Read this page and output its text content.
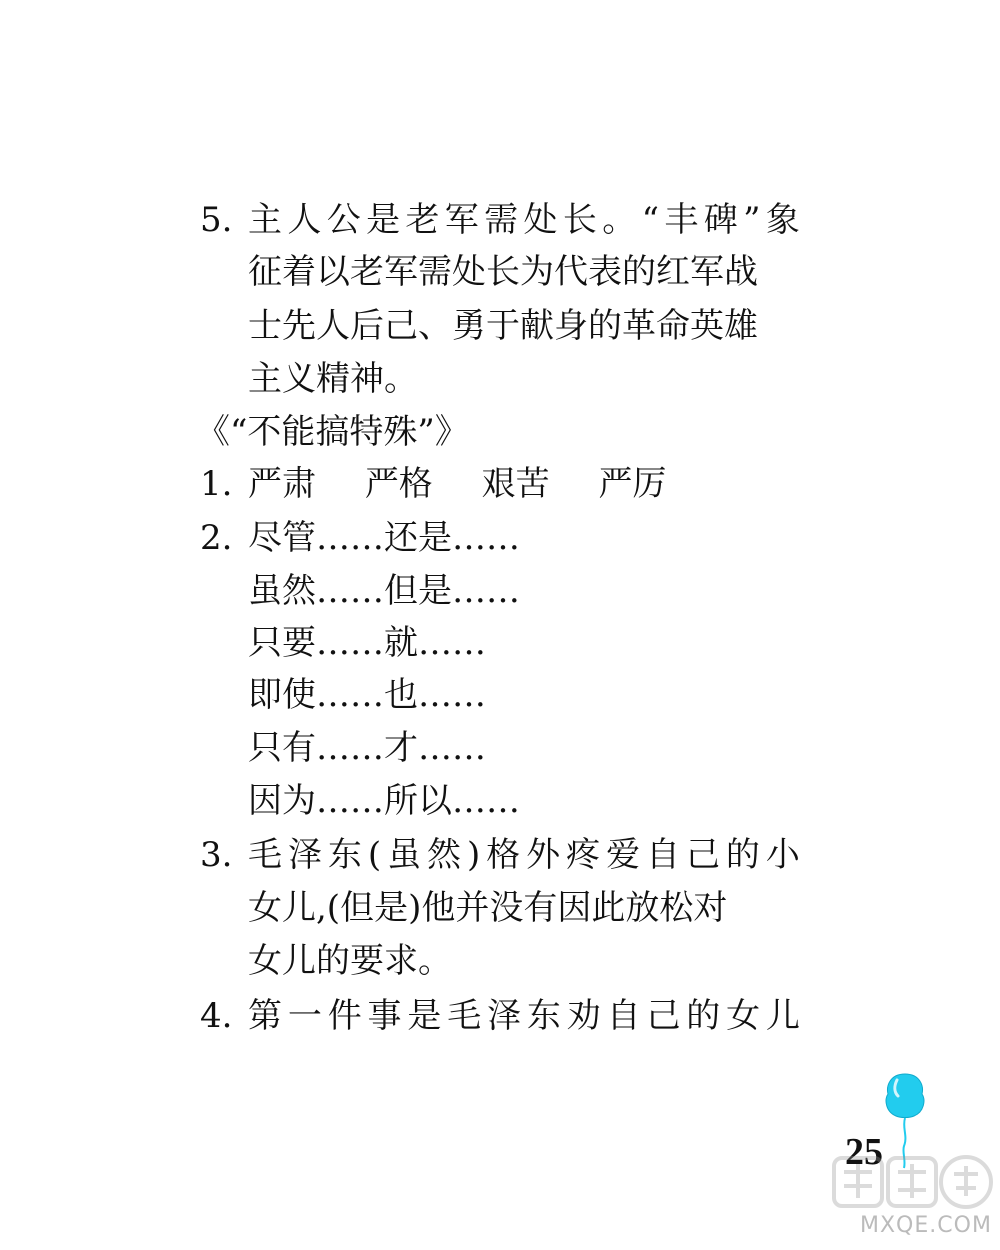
5. 主 人 公 是 老 军 需 处 长 。 “ 丰 碑 ” 象
征着以老军需处长为代表的红军战
士先人后己、勇于献身的革命英雄
主义精神。
《“不能搞特殊”》
1. 严肃 严格 艰苦 严厉
2. 尽管……还是……
虽然……但是……
只要……就……
即使……也……
只有……才……
因为……所以……
3. 毛 泽 东 ( 虽 然 ) 格 外 疼 爱 自 己 的 小
女儿,(但是)他并没有因此放松对
女儿的要求。
4. 第 一 件 事 是 毛 泽 东 劝 自 己 的 女 儿
25
MXQE.COM
